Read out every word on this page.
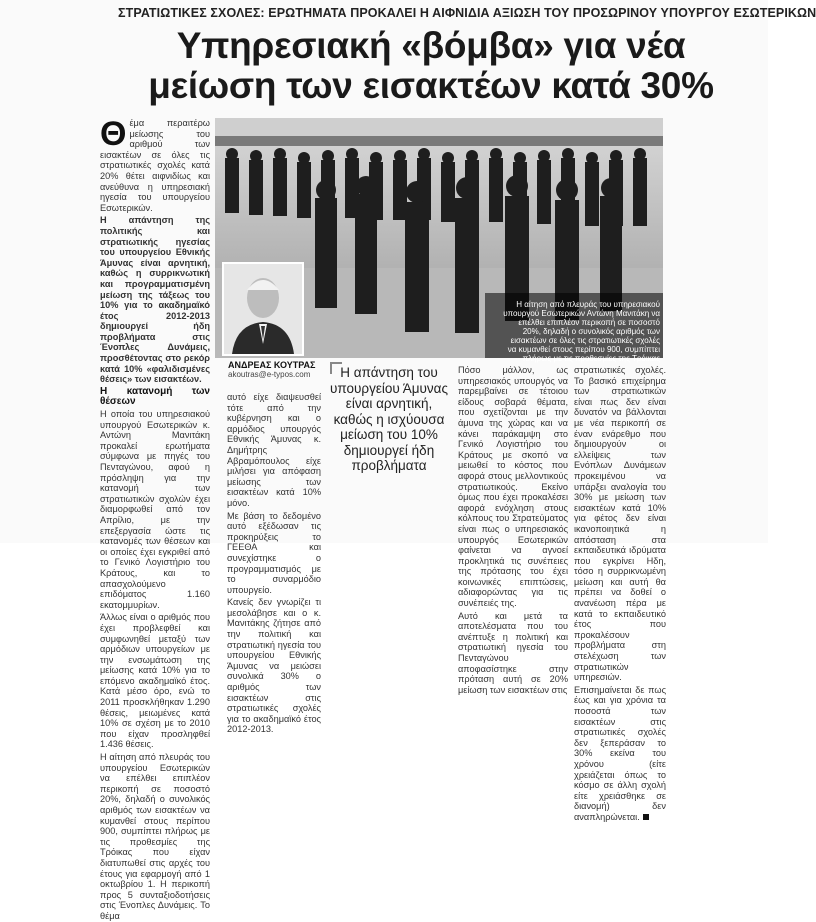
ΣΤΡΑΤΙΩΤΙΚΕΣ ΣΧΟΛΕΣ: ΕΡΩΤΗΜΑΤΑ ΠΡΟΚΑΛΕΙ Η ΑΙΦΝΙΔΙΑ ΑΞΙΩΣΗ ΤΟΥ ΠΡΟΣΩΡΙΝΟΥ ΥΠΟΥΡΓΟΥ ΕΣΩΤΕΡΙΚΩΝ
Υπηρεσιακή «βόμβα» για νέα
μείωση των εισακτέων κατά 30%

Θ έμα περαιτέρω μείωσης του αριθμού των εισακτέων σε όλες τις στρατιωτικές σχολές κατά 20% θέτει αιφνιδίως και ανεύθυνα η υπηρεσιακή ηγεσία του υπουργείου Εσωτερικών.

Η απάντηση της πολιτικής και στρατιωτικής ηγεσίας του υπουργείου Εθνικής Άμυνας είναι αρνητική, καθώς η συρρικνωτική και προγραμματισμένη μείωση της τάξεως του 10% για το ακαδημαϊκό έτος 2012-2013 δημιουργεί ήδη προβλήματα στις Ένοπλες Δυνάμεις, προσθέτοντας στο ρεκόρ κατά 10% «φαλιδισμένες θέσεις» των εισακτέων.

Η κατανομή των θέσεων

Η οποία του υπηρεσιακού υπουργού Εσωτερικών κ. Αντώνη Μανιτάκη προκαλεί ερωτήματα σύμφωνα με πηγές του Πενταγώνου, αφού η πρόσληψη για την κατανομή των στρατιωτικών σχολών έχει διαμορφωθεί από τον Απρίλιο, με την επεξεργασία ώστε τις κατανομές των θέσεων και οι οποίες έχει εγκριθεί από το Γενικό Λογιστήριο του Κράτους, και το απασχολούμενο επιδόματος 1.160 εκατομμυρίων.

Άλλως είναι ο αριθμός που έχει προβλεφθεί και συμφωνηθεί μεταξύ των αρμόδιων υπουργείων με την ενσωμάτωση της μείωσης κατά 10% για το επόμενο ακαδημαϊκό έτος. Κατά μέσο όρο, ενώ το 2011 προσκλήθηκαν 1.290 θέσεις, μειωμένες κατά 10% σε σχέση με το 2010 που είχαν προσληφθεί 1.436 θέσεις.

Η αίτηση από πλευράς του υπουργείου Εσωτερικών να επέλθει επιπλέον περικοπή σε ποσοστό 20%, δηλαδή ο συνολικός αριθμός των εισακτέων να κυμανθεί στους περίπου 900, συμπίπτει πλήρως με τις προθεσμίες της Τρόικας που είχαν διατυπωθεί στις αρχές του έτους για εφαρμογή από 1 οκτωβρίου 1. Η περικοπή προς 5 συνταξιοδοτήσεις στις Ένοπλες Δυνάμεις. Το θέμα

Η αίτηση από πλευράς του υπηρεσιακού υπουργού Εσωτερικών Αντώνη Μανιτάκη να επέλθει επιπλέον περικοπή σε ποσοστό 20%, δηλαδή ο συνολικός αριθμός των εισακτέων σε όλες τις στρατιωτικές σχολές να κυμανθεί στους περίπου 900, συμπίπτει πλήρως με τις προθεσμίες της Τρόικας
ΑΝΔΡΕΑΣ ΚΟΥΤΡΑΣ
akoutras@e-typos.com

αυτό είχε διαψευσθεί τότε από την κυβέρνηση και ο αρμόδιος υπουργός Εθνικής Άμυνας κ. Δημήτρης Αβραμόπουλος είχε μιλήσει για απόφαση μείωσης των εισακτέων κατά 10% μόνο.

Με βάση το δεδομένο αυτό εξέδωσαν τις προκηρύξεις το ΓΕΕΘΑ και συνεχίστηκε ο προγραμματισμός με το συναρμόδιο υπουργείο.

Κανείς δεν γνωρίζει τι μεσολάβησε και ο κ. Μανιτάκης ζήτησε από την πολιτική και στρατιωτική ηγεσία του υπουργείου Εθνικής Άμυνας να μειώσει συνολικά 30% ο αριθμός των εισακτέων στις στρατιωτικές σχολές για το ακαδημαϊκό έτος 2012-2013.

Η απάντηση του υπουργείου Άμυνας είναι αρνητική, καθώς η ισχύουσα μείωση του 10% δημιουργεί ήδη προβλήματα

Πόσο μάλλον, ως υπηρεσιακός υπουργός να παρεμβαίνει σε τέτοιου είδους σοβαρά θέματα, που σχετίζονται με την άμυνα της χώρας και να κάνει παράκαμψη στο Γενικό Λογιστήριο του Κράτους με σκοπό να μειωθεί το κόστος που αφορά στους μελλοντικούς στρατιωτικούς. Εκείνο όμως που έχει προκαλέσει αφορά ενόχληση στους κόλπους του Στρατεύματος είναι πως ο υπηρεσιακός υπουργός Εσωτερικών φαίνεται να αγνοεί προκλητικά τις συνέπειες της πρότασης του έχει κοινωνικές επιπτώσεις, αδιαφορώντας για τις συνέπειές της.

Αυτό και μετά τα αποτελέσματα που του ανέπτυξε η πολιτική και στρατιωτική ηγεσία του Πενταγώνου αποφασίστηκε στην πρόταση αυτή σε 20% μείωση των εισακτέων στις

στρατιωτικές σχολές. Το βασικό επιχείρημα των στρατιωτικών είναι πως δεν είναι δυνατόν να βάλλονται με νέα περικοπή σε έναν ενάρεθμο που δημιουργούν οι ελλείψεις των Ενόπλων Δυνάμεων προκειμένου να υπάρξει αναλογία του 30% με μείωση των εισακτέων κατά 10% για φέτος δεν είναι ικανοποιητικά η απόσταση στα εκπαιδευτικά ιδρύματα που εγκρίνει Ηδη, τόσο η συρρικνωμένη μείωση και αυτή θα πρέπει να δοθεί ο ανανέωση πέρα με κατά το εκπαιδευτικό έτος που προκαλέσουν προβλήματα στη στελέχωση των στρατιωτικών υπηρεσιών.

Επισημαίνεται δε πως έως και για χρόνια τα ποσοστά των εισακτέων στις στρατιωτικές σχολές δεν ξεπεράσαν το 30% εκείνα του χρόνου (είτε χρειάζεται όπως το κόσμο σε άλλη σχολή είτε χρειάσθηκε σε διανομή) δεν αναπληρώνεται.
